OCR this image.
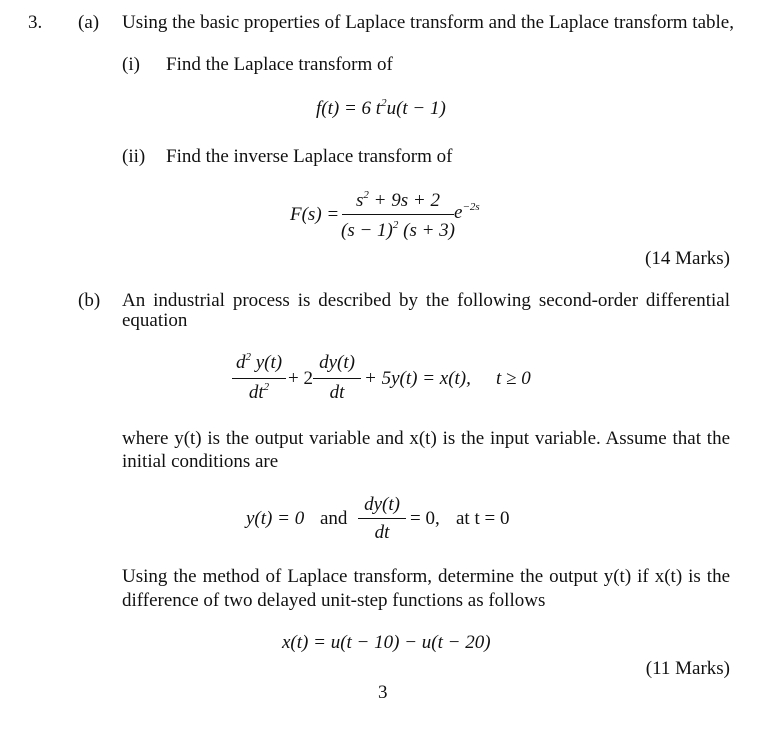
3. (a) Using the basic properties of Laplace transform and the Laplace transform table,
(i) Find the Laplace transform of
f(t) = 6 $t^2u(t - 1)$
(ii) Find the inverse Laplace transform of
F(s) =
$s^2 + 9s + 2$
$(s - 1)^2$ (s + 3)
$e^{-2s}$
(14 Marks)
(b) An industrial process is described by the following second-order differential
equation
$d^2$ y(t)
$dt^2 + 2$
dy(t)
dt
+ 5y(t) = x(t), t ≥ 0
where y(t) is the output variable and x(t) is the input variable. Assume that the
initial conditions are
y(t) = 0 and
dy(t)
dt
= 0, at t = 0
Using the method of Laplace transform, determine the output y(t) if x(t) is the
difference of two delayed unit-step functions as follows
x(t) = u(t − 10) − u(t − 20)
(11 Marks)
3
